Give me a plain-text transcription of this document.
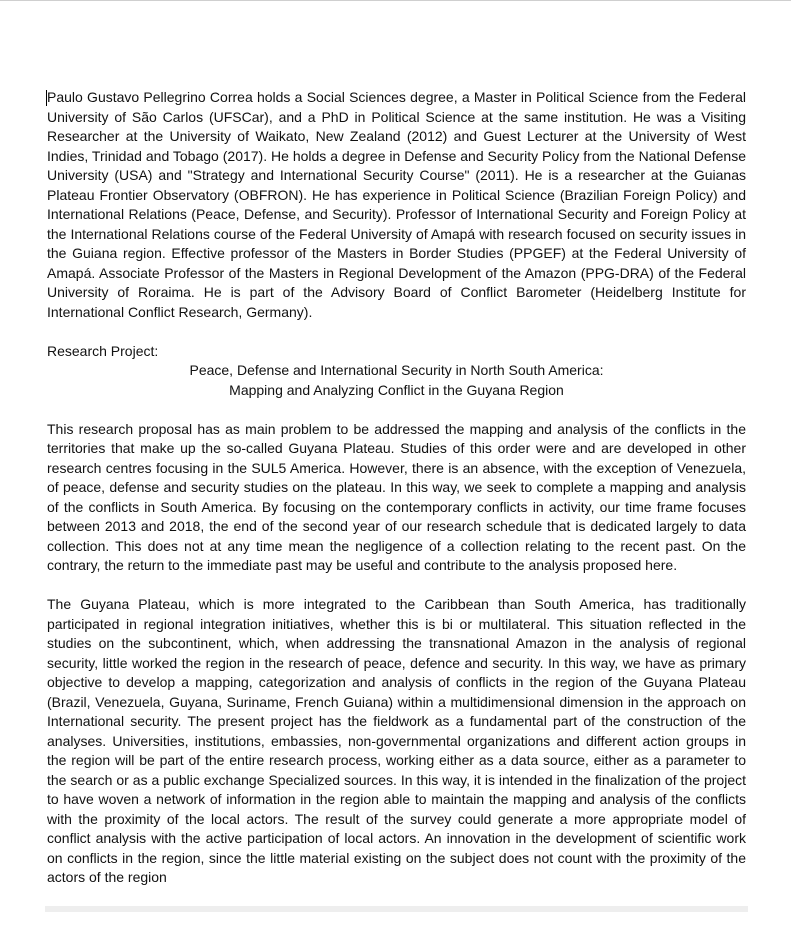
Paulo Gustavo Pellegrino Correa holds a Social Sciences degree, a Master in Political Science from the Federal University of São Carlos (UFSCar), and a PhD in Political Science at the same institution. He was a Visiting Researcher at the University of Waikato, New Zealand (2012) and Guest Lecturer at the University of West Indies, Trinidad and Tobago (2017). He holds a degree in Defense and Security Policy from the National Defense University (USA) and "Strategy and International Security Course" (2011). He is a researcher at the Guianas Plateau Frontier Observatory (OBFRON). He has experience in Political Science (Brazilian Foreign Policy) and International Relations (Peace, Defense, and Security). Professor of International Security and Foreign Policy at the International Relations course of the Federal University of Amapá with research focused on security issues in the Guiana region. Effective professor of the Masters in Border Studies (PPGEF) at the Federal University of Amapá. Associate Professor of the Masters in Regional Development of the Amazon (PPG-DRA) of the Federal University of Roraima. He is part of the Advisory Board of Conflict Barometer (Heidelberg Institute for International Conflict Research, Germany).

Research Project:

Peace, Defense and International Security in North South America:

Mapping and Analyzing Conflict in the Guyana Region

This research proposal has as main problem to be addressed the mapping and analysis of the conflicts in the territories that make up the so-called Guyana Plateau. Studies of this order were and are developed in other research centres focusing in the SUL5 America. However, there is an absence, with the exception of Venezuela, of peace, defense and security studies on the plateau. In this way, we seek to complete a mapping and analysis of the conflicts in South America. By focusing on the contemporary conflicts in activity, our time frame focuses between 2013 and 2018, the end of the second year of our research schedule that is dedicated largely to data collection. This does not at any time mean the negligence of a collection relating to the recent past. On the contrary, the return to the immediate past may be useful and contribute to the analysis proposed here.

The Guyana Plateau, which is more integrated to the Caribbean than South America, has traditionally participated in regional integration initiatives, whether this is bi or multilateral. This situation reflected in the studies on the subcontinent, which, when addressing the transnational Amazon in the analysis of regional security, little worked the region in the research of peace, defence and security. In this way, we have as primary objective to develop a mapping, categorization and analysis of conflicts in the region of the Guyana Plateau (Brazil, Venezuela, Guyana, Suriname, French Guiana) within a multidimensional dimension in the approach on International security. The present project has the fieldwork as a fundamental part of the construction of the analyses. Universities, institutions, embassies, non-governmental organizations and different action groups in the region will be part of the entire research process, working either as a data source, either as a parameter to the search or as a public exchange Specialized sources. In this way, it is intended in the finalization of the project to have woven a network of information in the region able to maintain the mapping and analysis of the conflicts with the proximity of the local actors. The result of the survey could generate a more appropriate model of conflict analysis with the active participation of local actors. An innovation in the development of scientific work on conflicts in the region, since the little material existing on the subject does not count with the proximity of the actors of the region
